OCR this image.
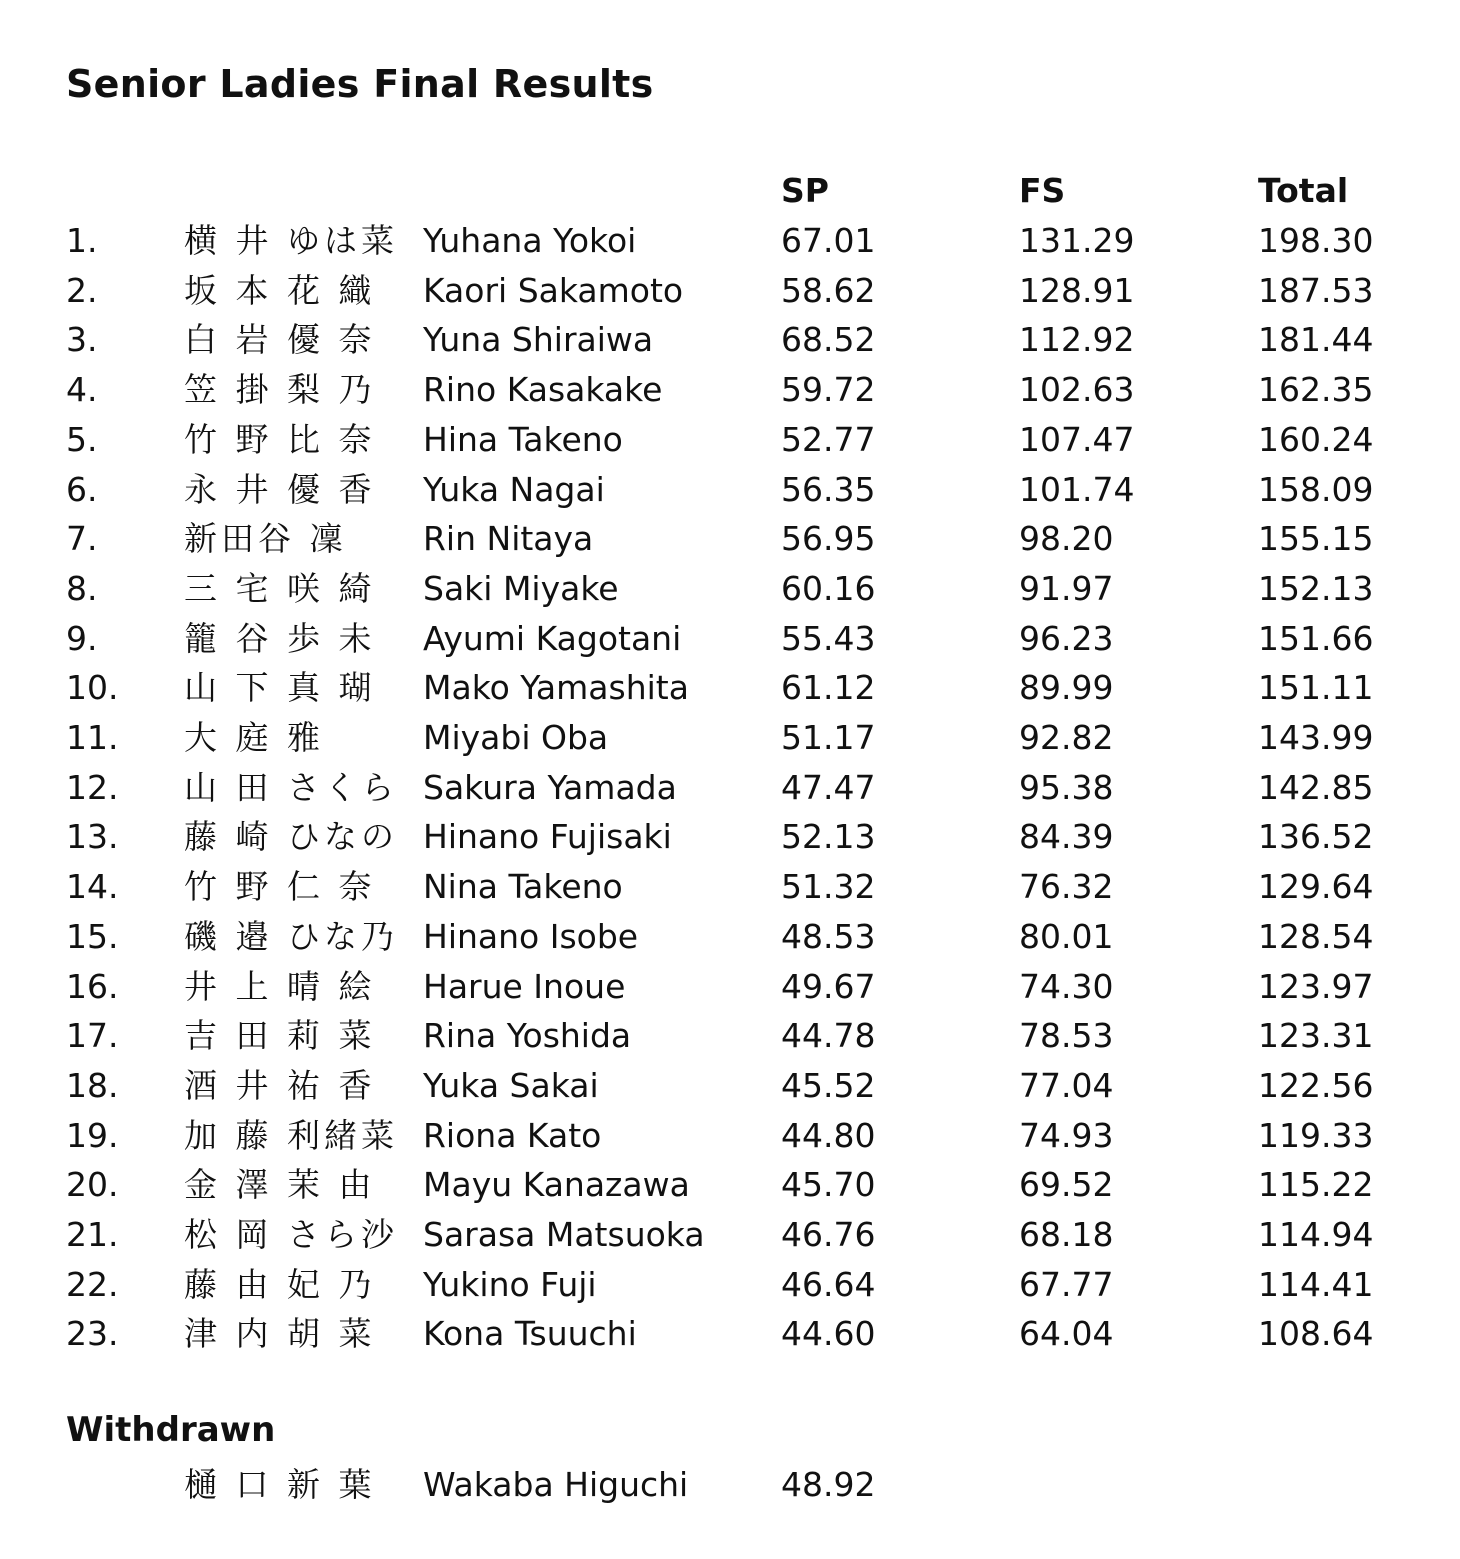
Senior Ladies Final Results
SP	FS	Total
1.	横 井 ゆは菜 Yuhana Yokoi	67.01	131.29	198.30
2.	坂 本 花 織 Kaori Sakamoto	58.62	128.91	187.53
3.	白 岩 優 奈 Yuna Shiraiwa	68.52	112.92	181.44
4.	笠 掛 梨 乃 Rino Kasakake	59.72	102.63	162.35
5.	竹 野 比 奈 Hina Takeno	52.77	107.47	160.24
6.	永 井 優 香 Yuka Nagai	56.35	101.74	158.09
7.	新田谷 凜 Rin Nitaya	56.95	98.20	155.15
8.	三 宅 咲 綺 Saki Miyake	60.16	91.97	152.13
9.	籠 谷 歩 未 Ayumi Kagotani	55.43	96.23	151.66
10. 山 下 真 瑚 Mako Yamashita	61.12	89.99	151.11
11. 大 庭 雅	Miyabi Oba	51.17	92.82	143.99
12. 山 田 さくら Sakura Yamada	47.47	95.38	142.85
13. 藤 崎 ひなの Hinano Fujisaki	52.13	84.39	136.52
14. 竹 野 仁 奈 Nina Takeno	51.32	76.32	129.64
15. 磯 邉 ひな乃 Hinano Isobe	48.53	80.01	128.54
16. 井 上 晴 絵 Harue Inoue	49.67	74.30	123.97
17. 吉 田 莉 菜 Rina Yoshida	44.78	78.53	123.31
18. 酒 井 祐 香 Yuka Sakai	45.52	77.04	122.56
19. 加 藤 利緒菜 Riona Kato	44.80	74.93	119.33
20. 金 澤 茉 由 Mayu Kanazawa	45.70	69.52	115.22
21. 松 岡 さら沙 Sarasa Matsuoka 46.76	68.18	114.94
22. 藤 由 妃 乃 Yukino Fuji	46.64	67.77	114.41
23. 津 内 胡 菜 Kona Tsuuchi	44.60	64.04	108.64
Withdrawn
樋 口 新 葉 Wakaba Higuchi	48.92
